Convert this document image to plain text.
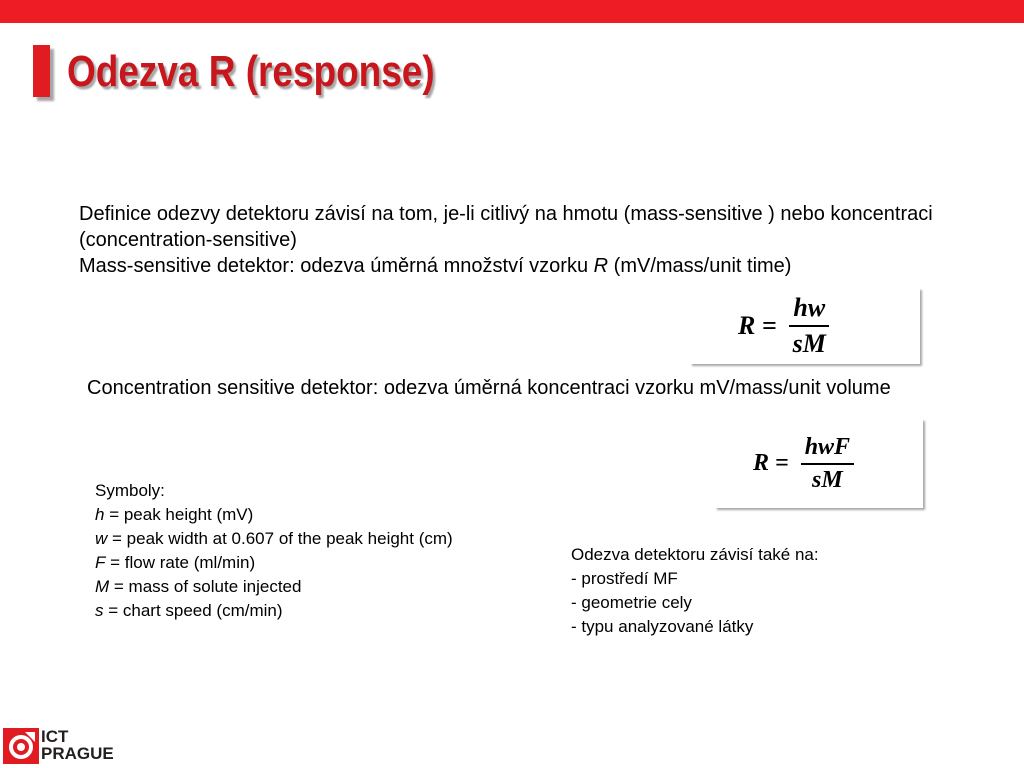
Odezva R (response)

Definice odezvy detektoru závisí na tom, je-li citlivý na hmotu (mass-sensitive ) nebo koncentraci (concentration-sensitive)

Mass-sensitive detektor: odezva úměrná množství vzorku R (mV/mass/unit time)

$R = \frac{hw}{sM}$

Concentration sensitive detektor: odezva úměrná koncentraci vzorku mV/mass/unit volume

$R = \frac{\text{hwF}}{sM}$
Symboly:
h = peak height (mV)
w = peak width at 0.607 of the peak height (cm)
F = flow rate (ml/min)
M = mass of solute injected
s = chart speed (cm/min)
Odezva detektoru závisí také na:
- prostředí MF
- geometrie cely
- typu analyzované látky
ICT
PRAGUE
